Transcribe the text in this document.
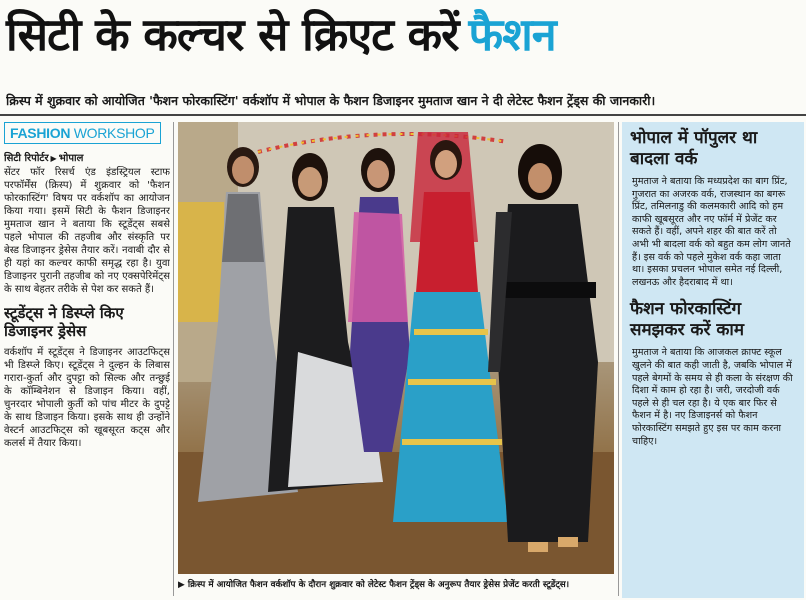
सिटी के कल्चर से क्रिएट करें फैशन
क्रिस्प में शुक्रवार को आयोजित 'फैशन फोरकास्टिंग' वर्कशॉप में भोपाल के फैशन डिजाइनर मुमताज खान ने दी लेटेस्ट फैशन ट्रेंड्स की जानकारी।
FASHION WORKSHOP
सिटी रिपोर्टर ▶ भोपाल

सेंटर फॉर रिसर्च एंड इंडस्ट्रियल स्टाफ परफॉर्मेंस (क्रिस्प) में शुक्रवार को 'फैशन फोरकास्टिंग' विषय पर वर्कशॉप का आयोजन किया गया। इसमें सिटी के फैशन डिजाइनर मुमताज खान ने बताया कि स्टूडेंट्स सबसे पहले भोपाल की तहजीब और संस्कृति पर बेस्ड डिजाइनर ड्रेसेस तैयार करें। नवाबी दौर से ही यहां का कल्चर काफी समृद्ध रहा है। युवा डिजाइनर पुरानी तहजीब को नए एक्सपेरिमेंट्स के साथ बेहतर तरीके से पेश कर सकते हैं।

स्टूडेंट्स ने डिस्प्ले किए डिजाइनर ड्रेसेस

वर्कशॉप में स्टूडेंट्स ने डिजाइनर आउटफिट्स भी डिस्प्ले किए। स्टूडेंट्स ने दुल्हन के लिबास गरारा-कुर्ता और दुपट्टा को सिल्क और तन्छुई के कॉम्बिनेशन से डिजाइन किया। वहीं, चुनरदार भोपाली कुर्ती को पांच मीटर के दुपट्टे के साथ डिजाइन किया। इसके साथ ही उन्होंने वेस्टर्न आउटफिट्स को खूबसूरत कट्स और कलर्स में तैयार किया।

▶ क्रिस्प में आयोजित फैशन वर्कशॉप के दौरान शुक्रवार को लेटेस्ट फैशन ट्रेंड्स के अनुरूप तैयार ड्रेसेस प्रेजेंट करती स्टूडेंट्स।
भोपाल में पॉपुलर था बादला वर्क

मुमताज ने बताया कि मध्यप्रदेश का बाग प्रिंट, गुजरात का अजरक वर्क, राजस्थान का बगरू प्रिंट, तमिलनाडु की कलमकारी आदि को हम काफी खूबसूरत और नए फॉर्म में प्रेजेंट कर सकते हैं। वहीं, अपने शहर की बात करें तो अभी भी बादला वर्क को बहुत कम लोग जानते हैं। इस वर्क को पहले मुकेश वर्क कहा जाता था। इसका प्रचलन भोपाल समेत नई दिल्ली, लखनऊ और हैदराबाद में था।

फैशन फोरकास्टिंग समझकर करें काम

मुमताज ने बताया कि आजकल क्राफ्ट स्कूल खुलने की बात कही जाती है, जबकि भोपाल में पहले बेगमों के समय से ही कला के संरक्षण की दिशा में काम हो रहा है। जरी, जरदोजी वर्क पहले से ही चल रहा है। ये एक बार फिर से फैशन में है। नए डिजाइनर्स को फैशन फोरकास्टिंग समझते हुए इस पर काम करना चाहिए।
